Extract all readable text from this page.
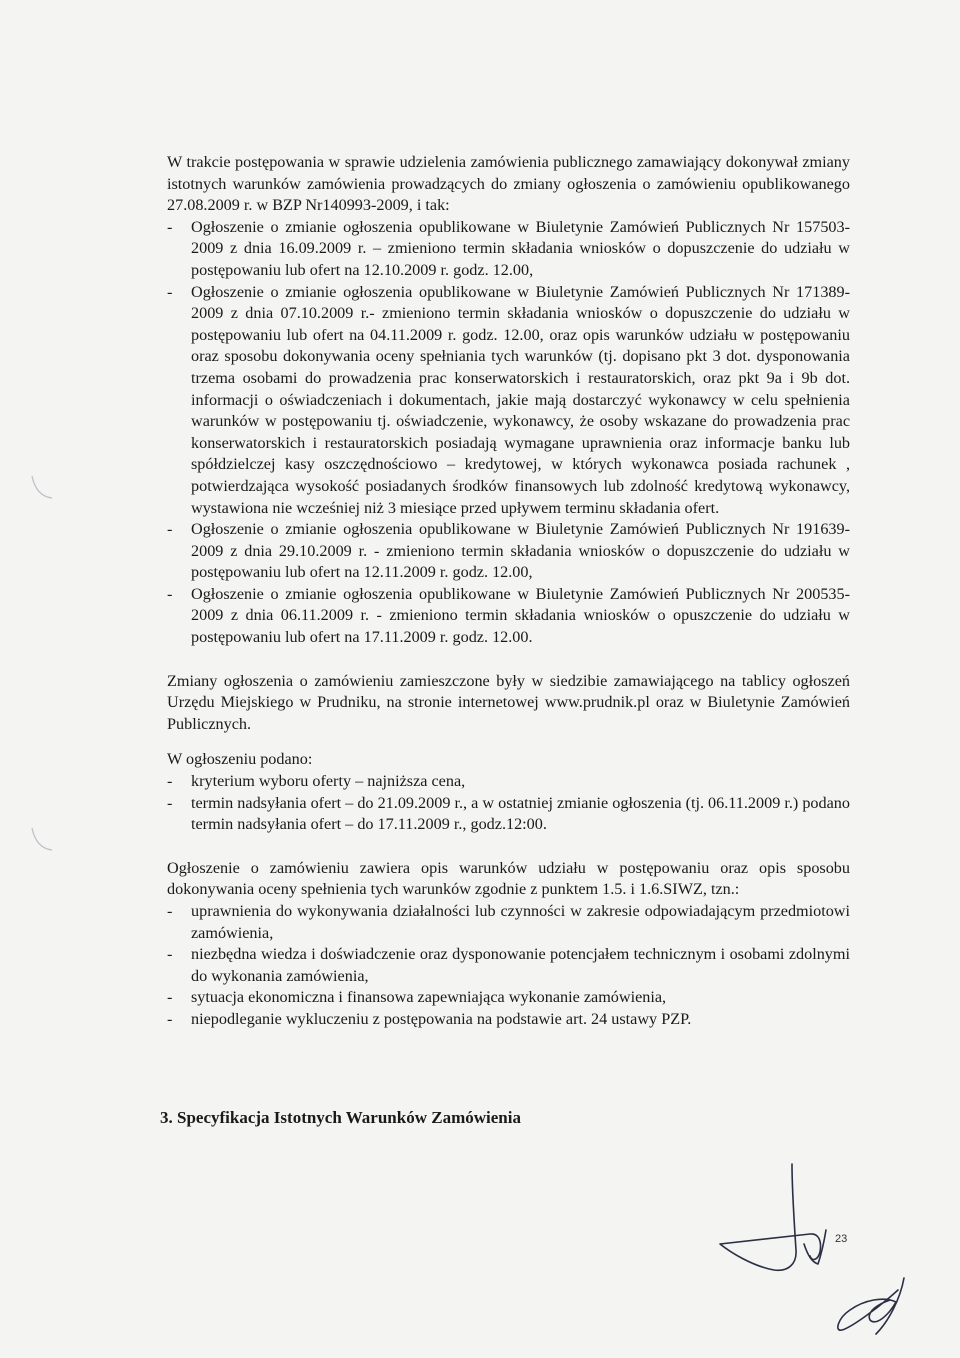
W trakcie postępowania w sprawie udzielenia zamówienia publicznego zamawiający dokonywał zmiany istotnych warunków zamówienia prowadzących do zmiany ogłoszenia o zamówieniu opublikowanego 27.08.2009 r. w BZP Nr140993-2009, i tak:

- Ogłoszenie o zmianie ogłoszenia opublikowane w Biuletynie Zamówień Publicznych Nr 157503-2009 z dnia 16.09.2009 r. – zmieniono termin składania wniosków o dopuszczenie do udziału w postępowaniu lub ofert na 12.10.2009 r. godz. 12.00,
- Ogłoszenie o zmianie ogłoszenia opublikowane w Biuletynie Zamówień Publicznych Nr 171389-2009 z dnia 07.10.2009 r.- zmieniono termin składania wniosków o dopuszczenie do udziału w postępowaniu lub ofert na 04.11.2009 r. godz. 12.00, oraz opis warunków udziału w postępowaniu oraz sposobu dokonywania oceny spełniania tych warunków (tj. dopisano pkt 3 dot. dysponowania trzema osobami do prowadzenia prac konserwatorskich i restauratorskich, oraz pkt 9a i 9b dot. informacji o oświadczeniach i dokumentach, jakie mają dostarczyć wykonawcy w celu spełnienia warunków w postępowaniu tj. oświadczenie, wykonawcy, że osoby wskazane do prowadzenia prac konserwatorskich i restauratorskich posiadają wymagane uprawnienia oraz informacje banku lub spółdzielczej kasy oszczędnościowo – kredytowej, w których wykonawca posiada rachunek , potwierdzająca wysokość posiadanych środków finansowych lub zdolność kredytową wykonawcy, wystawiona nie wcześniej niż 3 miesiące przed upływem terminu składania ofert.
- Ogłoszenie o zmianie ogłoszenia opublikowane w Biuletynie Zamówień Publicznych Nr 191639-2009 z dnia 29.10.2009 r. - zmieniono termin składania wniosków o dopuszczenie do udziału w postępowaniu lub ofert na 12.11.2009 r. godz. 12.00,
- Ogłoszenie o zmianie ogłoszenia opublikowane w Biuletynie Zamówień Publicznych Nr 200535-2009 z dnia 06.11.2009 r. - zmieniono termin składania wniosków o opuszczenie do udziału w postępowaniu lub ofert na 17.11.2009 r. godz. 12.00.

Zmiany ogłoszenia o zamówieniu zamieszczone były w siedzibie zamawiającego na tablicy ogłoszeń Urzędu Miejskiego w Prudniku, na stronie internetowej www.prudnik.pl oraz w Biuletynie Zamówień Publicznych.

W ogłoszeniu podano:

- kryterium wyboru oferty – najniższa cena,
- termin nadsyłania ofert – do 21.09.2009 r., a w ostatniej zmianie ogłoszenia (tj. 06.11.2009 r.) podano termin nadsyłania ofert – do 17.11.2009 r., godz.12:00.

Ogłoszenie o zamówieniu zawiera opis warunków udziału w postępowaniu oraz opis sposobu dokonywania oceny spełnienia tych warunków zgodnie z punktem 1.5. i 1.6.SIWZ, tzn.:

- uprawnienia do wykonywania działalności lub czynności w zakresie odpowiadającym przedmiotowi zamówienia,
- niezbędna wiedza i doświadczenie oraz dysponowanie potencjałem technicznym i osobami zdolnymi do wykonania zamówienia,
- sytuacja ekonomiczna i finansowa zapewniająca wykonanie zamówienia,
- niepodleganie wykluczeniu z postępowania na podstawie art. 24 ustawy PZP.
3. Specyfikacja Istotnych Warunków Zamówienia
23
